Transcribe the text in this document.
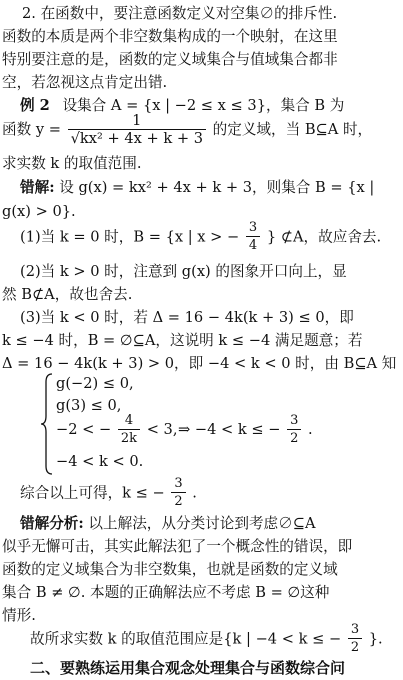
2. 在函数中，要注意函数定义对空集∅的排斥性.
函数的本质是两个非空数集构成的一个映射，在这里
特别要注意的是，函数的定义域集合与值域集合都非
空，若忽视这点肯定出错.
例 2 设集合 A = {x | −2 ≤ x ≤ 3}，集合 B 为
函数 $y = \frac{1}{\text{√kx² + 4x + k + 3}}$ 的定义域，当 B⊆A 时，
求实数 k 的取值范围.
错解: 设 g(x) = kx² + 4x + k + 3，则集合 B = {x |
g(x) > 0}.
(1)当 k = 0 时，B = {x | x > − $\frac{3}{4}$ } ⊄A，故应舍去.
(2)当 k > 0 时，注意到 g(x) 的图象开口向上，显
然 B⊄A，故也舍去.
(3)当 k < 0 时，若 Δ = 16 − 4k(k + 3) ≤ 0，即
k ≤ −4 时，B = ∅⊆A，这说明 k ≤ −4 满足题意；若
Δ = 16 − 4k(k + 3) > 0，即 −4 < k < 0 时，由 B⊆A 知
g(−2) ≤ 0,
g(3) ≤ 0,
−2 < − $\frac{4}{2k} < 3$, ⇒ −4 < k ≤ − $\frac{3}{2}$ .
−4 < k < 0.
综合以上可得，k ≤ − $\frac{3}{2}$ .
错解分析: 以上解法，从分类讨论到考虑∅⊆A
似乎无懈可击，其实此解法犯了一个概念性的错误，即
函数的定义域集合为非空数集，也就是函数的定义域
集合 B ≠ ∅. 本题的正确解法应不考虑 B = ∅这种
情形.
故所求实数 k 的取值范围应是{k | −4 < k ≤ − $\frac{3}{2}$ }.
二、要熟练运用集合观念处理集合与函数综合问
